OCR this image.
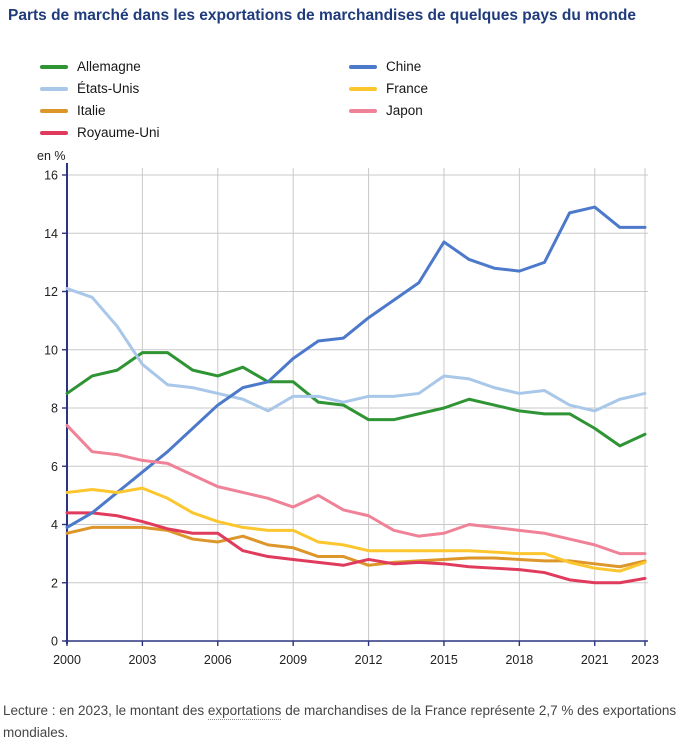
Parts de marché dans les exportations de marchandises de quelques pays du monde
Allemagne
États-Unis
Italie
Royaume-Uni
Chine
France
Japon
0
2
4
6
8
10
12
14
16
2000	2003	2006	2009	2012	2015	2018	2021 2023
en %
Lecture : en 2023, le montant des exportations de marchandises de la France représente 2,7 % des exportations mondiales.
